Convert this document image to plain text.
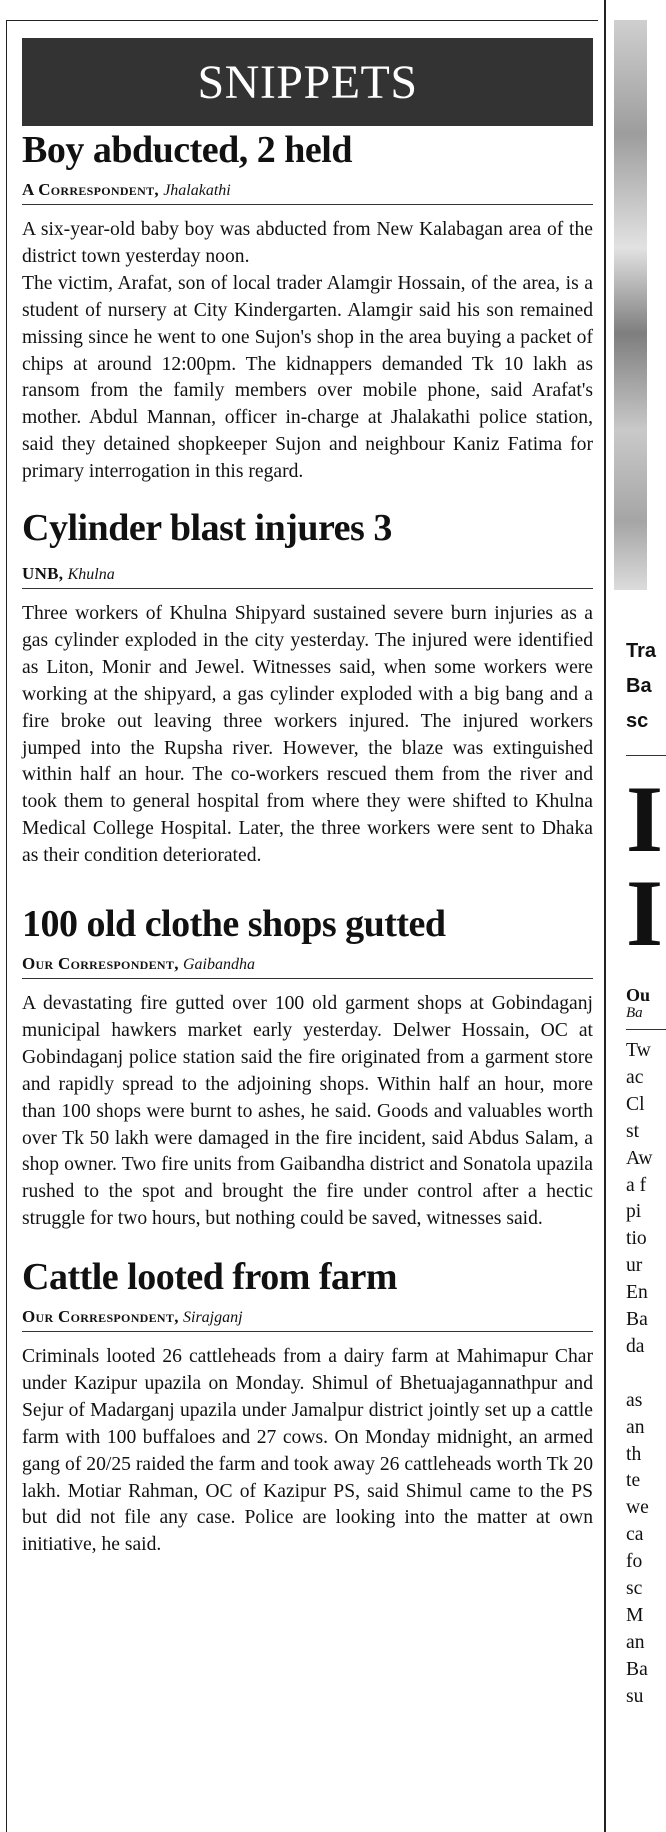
SNIPPETS
Boy abducted, 2 held
A Correspondent, Jhalakathi

A six-year-old baby boy was abducted from New Kalabagan area of the district town yesterday noon.

The victim, Arafat, son of local trader Alamgir Hossain, of the area, is a student of nursery at City Kindergarten. Alamgir said his son remained missing since he went to one Sujon's shop in the area buying a packet of chips at around 12:00pm. The kidnappers demanded Tk 10 lakh as ransom from the family members over mobile phone, said Arafat's mother. Abdul Mannan, officer in-charge at Jhalakathi police station, said they detained shopkeeper Sujon and neighbour Kaniz Fatima for primary interrogation in this regard.

Cylinder blast injures 3
UNB, Khulna

Three workers of Khulna Shipyard sustained severe burn injuries as a gas cylinder exploded in the city yesterday. The injured were identified as Liton, Monir and Jewel. Witnesses said, when some workers were working at the shipyard, a gas cylinder exploded with a big bang and a fire broke out leaving three workers injured. The injured workers jumped into the Rupsha river. However, the blaze was extinguished within half an hour. The co-workers rescued them from the river and took them to general hospital from where they were shifted to Khulna Medical College Hospital. Later, the three workers were sent to Dhaka as their condition deteriorated.

100 old clothe shops gutted
Our Correspondent, Gaibandha

A devastating fire gutted over 100 old garment shops at Gobindaganj municipal hawkers market early yesterday. Delwer Hossain, OC at Gobindaganj police station said the fire originated from a garment store and rapidly spread to the adjoining shops. Within half an hour, more than 100 shops were burnt to ashes, he said. Goods and valuables worth over Tk 50 lakh were damaged in the fire incident, said Abdus Salam, a shop owner. Two fire units from Gaibandha district and Sonatola upazila rushed to the spot and brought the fire under control after a hectic struggle for two hours, but nothing could be saved, witnesses said.

Cattle looted from farm
Our Correspondent, Sirajganj

Criminals looted 26 cattleheads from a dairy farm at Mahimapur Char under Kazipur upazila on Monday. Shimul of Bhetuajagannathpur and Sejur of Madarganj upazila under Jamalpur district jointly set up a cattle farm with 100 buffaloes and 27 cows. On Monday midnight, an armed gang of 20/25 raided the farm and took away 26 cattleheads worth Tk 20 lakh. Motiar Rahman, OC of Kazipur PS, said Shimul came to the PS but did not file any case. Police are looking into the matter at own initiative, he said.

Tra
Ba
sc
I
I
Ou
Ba
Tw
ac
Cl
st
Aw
a f
pi
tio
ur
En
Ba
da
as
an
th
te
we
ca
fo
sc
M
an
Ba
su
